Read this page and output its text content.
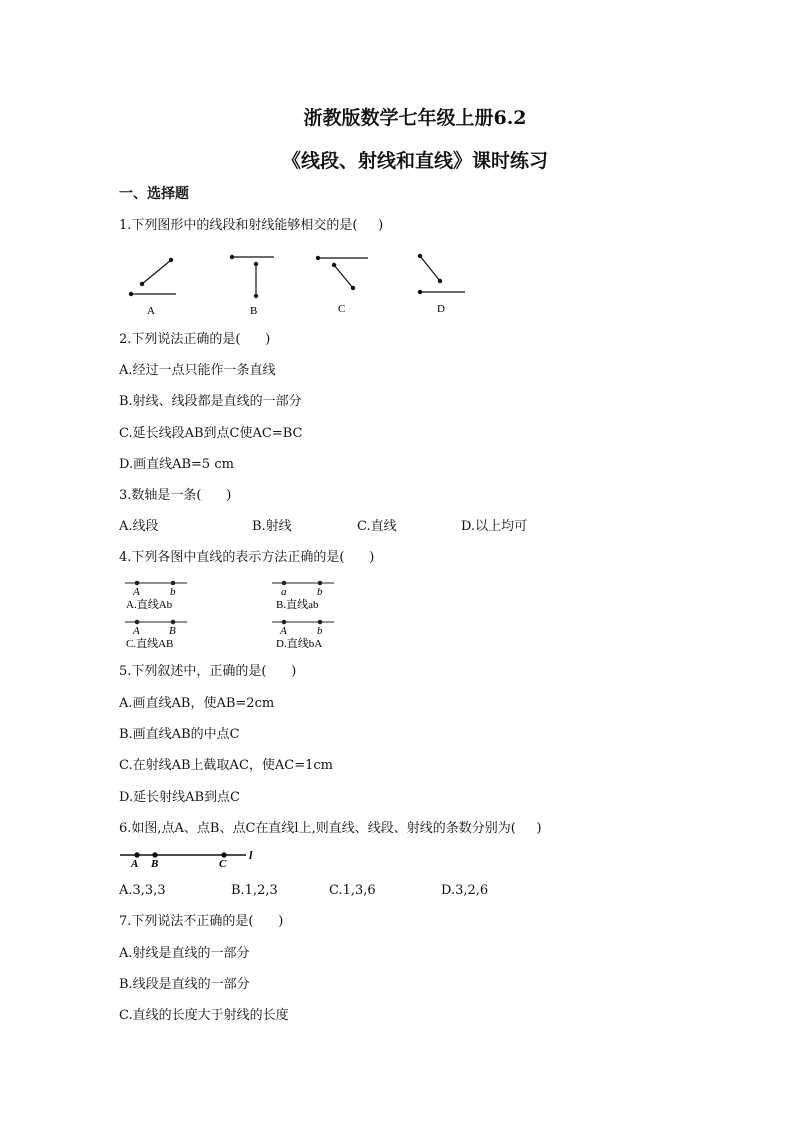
浙教版数学七年级上册6.2
《线段、射线和直线》课时练习
一、选择题
1.下列图形中的线段和射线能够相交的是(     )
A	B	C	D
2.下列说法正确的是(      )
A.经过一点只能作一条直线
B.射线、线段都是直线的一部分
C.延长线段AB到点C使AC=BC
D.画直线AB=5 cm
3.数轴是一条(      )
A.线段	B.射线	C.直线	D.以上均可
4.下列各图中直线的表示方法正确的是(      )
A	b
A.直线Ab
a	b
B.直线ab
A	B
C.直线AB
A	b
D.直线bA
5.下列叙述中，正确的是(      )
A.画直线AB，使AB=2cm
B.画直线AB的中点C
C.在射线AB上截取AC，使AC=1cm
D.延长射线AB到点C
6.如图,点A、点B、点C在直线l上,则直线、线段、射线的条数分别为(     )
A B	C
l
A.3,3,3	B.1,2,3	C.1,3,6	D.3,2,6
7.下列说法不正确的是(      )
A.射线是直线的一部分
B.线段是直线的一部分
C.直线的长度大于射线的长度
